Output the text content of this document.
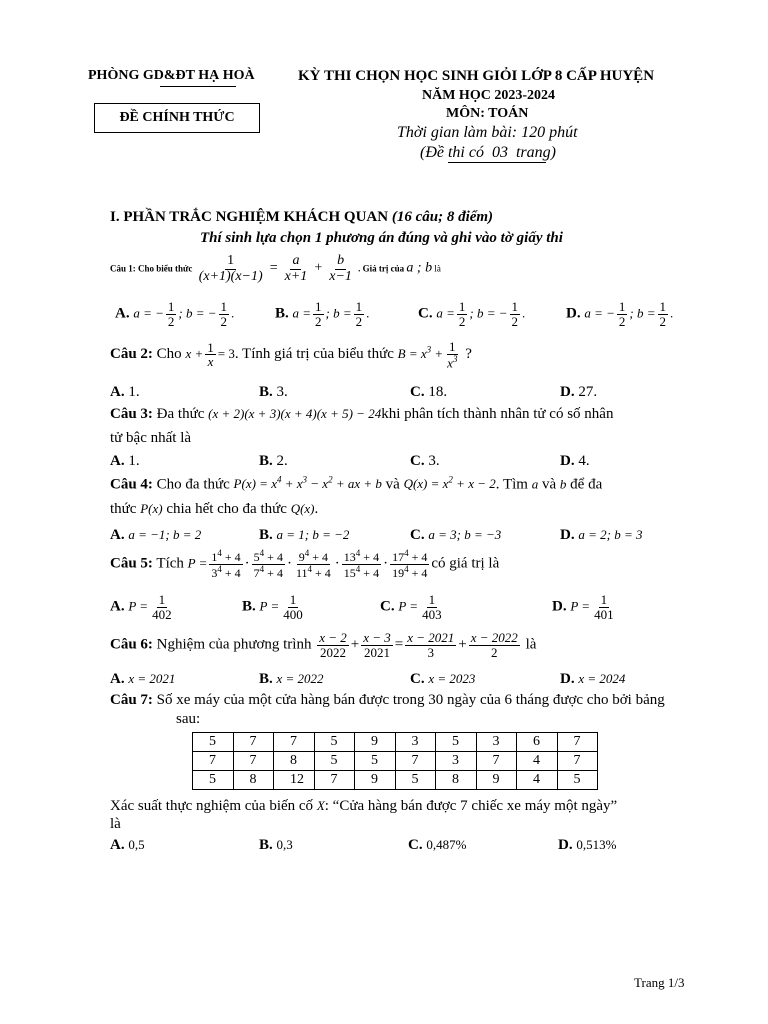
PHÒNG GD&ĐT HẠ HOÀ
ĐỀ CHÍNH THỨC
KỲ THI CHỌN HỌC SINH GIỎI LỚP 8 CẤP HUYỆN
NĂM HỌC 2023-2024
MÔN: TOÁN
Thời gian làm bài: 120 phút
(Đề thi có  03  trang)
I. PHẦN TRẮC NGHIỆM KHÁCH QUAN (16 câu; 8 điểm)
Thí sinh lựa chọn 1 phương án đúng và ghi vào tờ giấy thi
Câu 1: Cho biểu thức $\frac{1}{(x+1)(x-1)} = \frac{a}{x+1} + \frac{b}{x-1}$ . Giá trị của a ; b là
A. a = − $\frac{1}{2}$ ; b = − $\frac{1}{2}$ .	B. $a = \frac{1}{2}$ ; $b = \frac{1}{2}$ .	C. $a = \frac{1}{2}$ ; b = − $\frac{1}{2}$ .	D. a = − $\frac{1}{2}$ ; $b = \frac{1}{2}$ .
Câu 2: Cho $x + \frac{1}{x} = 3$. Tính giá trị của biểu thức $B = x^3 + \frac{1}{x^3}$ ?
A. 1.	B. 3.	C. 18.	D. 27.
Câu 3: Đa thức (x + 2)(x + 3)(x + 4)(x + 5) − 24khi phân tích thành nhân tử có số nhân
tử bậc nhất là
A. 1.	B. 2.	C. 3.	D. 4.
Câu 4: Cho đa thức $P(x) = x^4 + x^3 - x^2$ + ax + b và $Q(x) = x^2 + x - 2$. Tìm a và b để đa
thức P(x) chia hết cho đa thức Q(x).
A. a = −1; b = 2	B. a = 1; b = −2	C. a = 3; b = −3	D. a = 2; b = 3
Câu 5: Tích $P = \frac{1^4 + 4}{3^4 + 4} \cdot \frac{5^4 + 4}{7^4 + 4} \cdot \frac{9^4 + 4}{11^4 + 4} \cdot \frac{13^4 + 4}{15^4 + 4} \cdot \frac{17^4 + 4}{19^4 + 4}$ có giá trị là
A. $P = \frac{1}{402}$	B. $P = \frac{1}{400}$	C. $P = \frac{1}{403}$	D. $P = \frac{1}{401}$
Câu 6: Nghiệm của phương trình $\frac{x - 2}{2022} + \frac{x - 3}{2021} = \frac{x - 2021}{3} + \frac{x - 2022}{2}$ là
A. x = 2021	B. x = 2022	C. x = 2023	D. x = 2024
Câu 7: Số xe máy của một cửa hàng bán được trong 30 ngày của 6 tháng được cho bởi bảng
sau:
5	7	7	5	9	3	5	3	6	7
7	7	8	5	5	7	3	7	4	7
5	8	12	7	9	5	8	9	4	5
Xác suất thực nghiệm của biến cố X: “Cửa hàng bán được 7 chiếc xe máy một ngày”
là
A. 0,5	B. 0,3	C. 0,487%	D. 0,513%
Trang 1/3
